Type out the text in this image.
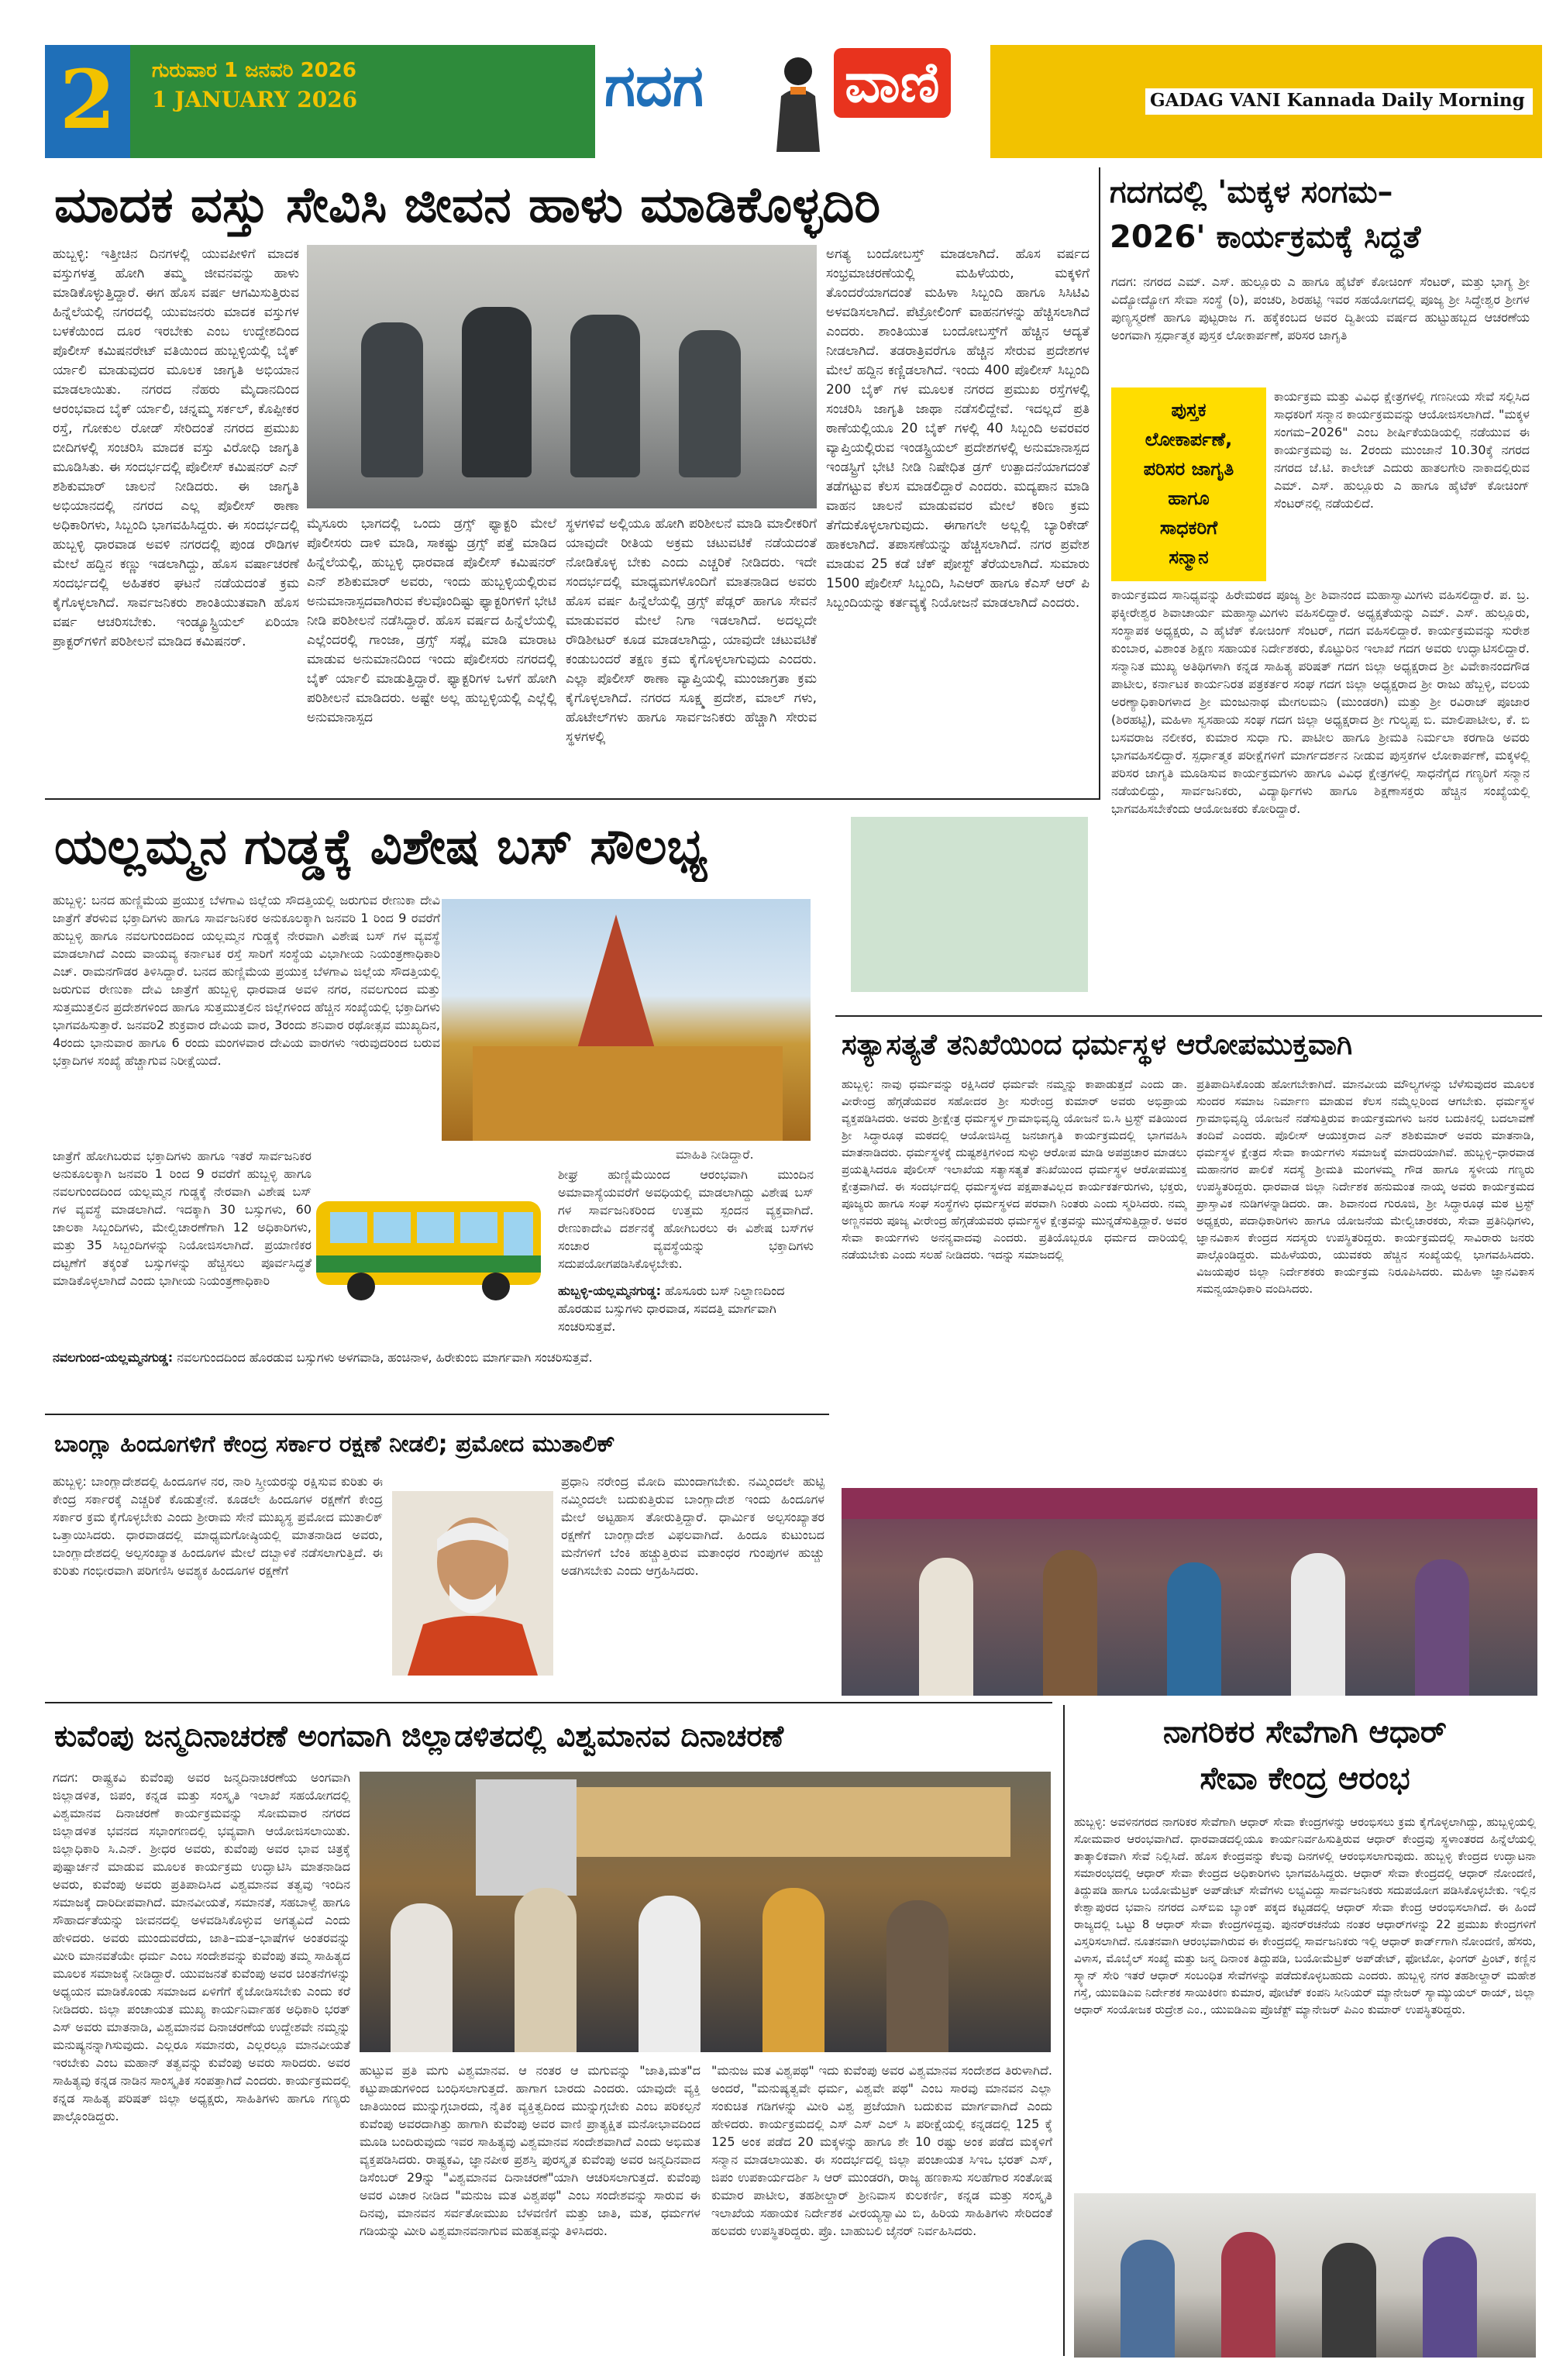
2	ಗುರುವಾರ 1 ಜನವರಿ 2026
1 JANUARY 2026	ಗದಗ	ವಾಣಿ	GADAG VANI Kannada Daily Morning
ಮಾದಕ ವಸ್ತು ಸೇವಿಸಿ ಜೀವನ ಹಾಳು ಮಾಡಿಕೊಳ್ಳದಿರಿ
ಹುಬ್ಬಳ್ಳಿ: ಇತ್ತೀಚಿನ ದಿನಗಳಲ್ಲಿ ಯುವಪೀಳಿಗೆ ಮಾದಕ ವಸ್ತುಗಳತ್ತ ಹೋಗಿ ತಮ್ಮ ಜೀವನವನ್ನು ಹಾಳು ಮಾಡಿಕೊಳ್ಳುತ್ತಿದ್ದಾರೆ. ಈಗ ಹೊಸ ವರ್ಷ ಆಗಮಿಸುತ್ತಿರುವ ಹಿನ್ನೆಲೆಯಲ್ಲಿ ನಗರದಲ್ಲಿ ಯುವಜನರು ಮಾದಕ ವಸ್ತುಗಳ ಬಳಕೆಯಿಂದ ದೂರ ಇರಬೇಕು ಎಂಬ ಉದ್ದೇಶದಿಂದ ಪೊಲೀಸ್ ಕಮಿಷನರೇಟ್ ವತಿಯಿಂದ ಹುಬ್ಬಳ್ಳಿಯಲ್ಲಿ ಬೈಕ್ ರ್ಯಾಲಿ ಮಾಡುವುದರ ಮೂಲಕ ಜಾಗೃತಿ ಅಭಿಯಾನ ಮಾಡಲಾಯಿತು. ನಗರದ ನೆಹರು ಮೈದಾನದಿಂದ ಆರಂಭವಾದ ಬೈಕ್ ರ್ಯಾಲಿ, ಚನ್ನಮ್ಮ ಸರ್ಕಲ್, ಕೊಪ್ಪೀಕರ ರಸ್ತೆ, ಗೋಕುಲ ರೋಡ್ ಸೇರಿದಂತೆ ನಗರದ ಪ್ರಮುಖ ಬೀದಿಗಳಲ್ಲಿ ಸಂಚರಿಸಿ ಮಾದಕ ವಸ್ತು ವಿರೋಧಿ ಜಾಗೃತಿ ಮೂಡಿಸಿತು. ಈ ಸಂದರ್ಭದಲ್ಲಿ ಪೊಲೀಸ್ ಕಮಿಷನರ್ ಎನ್ ಶಶಿಕುಮಾರ್ ಚಾಲನೆ ನೀಡಿದರು. ಈ ಜಾಗೃತಿ ಅಭಿಯಾನದಲ್ಲಿ ನಗರದ ಎಲ್ಲ ಪೊಲೀಸ್ ಠಾಣಾ ಅಧಿಕಾರಿಗಳು, ಸಿಬ್ಬಂದಿ ಭಾಗವಹಿಸಿದ್ದರು. ಈ ಸಂದರ್ಭದಲ್ಲಿ ಹುಬ್ಬಳ್ಳಿ ಧಾರವಾಡ ಅವಳಿ ನಗರದಲ್ಲಿ ಪುಂಡ ರೌಡಿಗಳ ಮೇಲೆ ಹದ್ದಿನ ಕಣ್ಣು ಇಡಲಾಗಿದ್ದು, ಹೊಸ ವರ್ಷಾಚರಣೆ ಸಂದರ್ಭದಲ್ಲಿ ಅಹಿತಕರ ಘಟನೆ ನಡೆಯದಂತೆ ಕ್ರಮ ಕೈಗೊಳ್ಳಲಾಗಿದೆ. ಸಾರ್ವಜನಿಕರು ಶಾಂತಿಯುತವಾಗಿ ಹೊಸ ವರ್ಷ ಆಚರಿಸಬೇಕು. ಇಂಡ್ಯೂಸ್ಟ್ರಿಯಲ್ ಏರಿಯಾ ಪ್ರಾಕ್ಟರ್‌ಗಳಿಗೆ ಪರಿಶೀಲನೆ ಮಾಡಿದ ಕಮಿಷನರ್.
ಮೈಸೂರು ಭಾಗದಲ್ಲಿ ಒಂದು ಡ್ರಗ್ಸ್ ಫ್ಯಾಕ್ಟರಿ ಮೇಲೆ ಪೊಲೀಸರು ದಾಳಿ ಮಾಡಿ, ಸಾಕಷ್ಟು ಡ್ರಗ್ಸ್ ಪತ್ತೆ ಮಾಡಿದ ಹಿನ್ನೆಲೆಯಲ್ಲಿ, ಹುಬ್ಬಳ್ಳಿ ಧಾರವಾಡ ಪೊಲೀಸ್ ಕಮಿಷನರ್ ಎನ್ ಶಶಿಕುಮಾರ್ ಅವರು, ಇಂದು ಹುಬ್ಬಳ್ಳಿಯಲ್ಲಿರುವ ಅನುಮಾನಾಸ್ಪದವಾಗಿರುವ ಕೆಲವೊಂದಿಷ್ಟು ಫ್ಯಾಕ್ಟರಿಗಳಿಗೆ ಭೇಟಿ ನೀಡಿ ಪರಿಶೀಲನೆ ನಡೆಸಿದ್ದಾರೆ. ಹೊಸ ವರ್ಷದ ಹಿನ್ನೆಲೆಯಲ್ಲಿ ಎಲ್ಲೆಂದರಲ್ಲಿ ಗಾಂಜಾ, ಡ್ರಗ್ಸ್ ಸಪ್ಲೈ ಮಾಡಿ ಮಾರಾಟ ಮಾಡುವ ಅನುಮಾನದಿಂದ ಇಂದು ಪೊಲೀಸರು ನಗರದಲ್ಲಿ ಬೈಕ್ ರ್ಯಾಲಿ ಮಾಡುತ್ತಿದ್ದಾರೆ. ಫ್ಯಾಕ್ಟರಿಗಳ ಒಳಗೆ ಹೋಗಿ ಪರಿಶೀಲನೆ ಮಾಡಿದರು. ಅಷ್ಟೇ ಅಲ್ಲ ಹುಬ್ಬಳ್ಳಿಯಲ್ಲಿ ಎಲ್ಲೆಲ್ಲಿ ಅನುಮಾನಾಸ್ಪದ
ಸ್ಥಳಗಳಿವೆ ಅಲ್ಲಿಯೂ ಹೋಗಿ ಪರಿಶೀಲನೆ ಮಾಡಿ ಮಾಲೀಕರಿಗೆ ಯಾವುದೇ ರೀತಿಯ ಅಕ್ರಮ ಚಟುವಟಿಕೆ ನಡೆಯದಂತೆ ನೋಡಿಕೊಳ್ಳ ಬೇಕು ಎಂದು ಎಚ್ಚರಿಕೆ ನೀಡಿದರು. ಇದೇ ಸಂದರ್ಭದಲ್ಲಿ ಮಾಧ್ಯಮಗಳೊಂದಿಗೆ ಮಾತನಾಡಿದ ಅವರು ಹೊಸ ವರ್ಷ ಹಿನ್ನೆಲೆಯಲ್ಲಿ ಡ್ರಗ್ಸ್ ಪೆಡ್ಲರ್ ಹಾಗೂ ಸೇವನೆ ಮಾಡುವವರ ಮೇಲೆ ನಿಗಾ ಇಡಲಾಗಿದೆ. ಅದಲ್ಲದೇ ರೌಡಿಶೀಟರ್ ಕೂಡ ಮಾಡಲಾಗಿದ್ದು, ಯಾವುದೇ ಚಟುವಟಿಕೆ ಕಂಡುಬಂದರೆ ತಕ್ಷಣ ಕ್ರಮ ಕೈಗೊಳ್ಳಲಾಗುವುದು ಎಂದರು. ಎಲ್ಲಾ ಪೊಲೀಸ್ ಠಾಣಾ ವ್ಯಾಪ್ತಿಯಲ್ಲಿ ಮುಂಜಾಗ್ರತಾ ಕ್ರಮ ಕೈಗೊಳ್ಳಲಾಗಿದೆ. ನಗರದ ಸೂಕ್ಷ್ಮ ಪ್ರದೇಶ, ಮಾಲ್ ಗಳು, ಹೊಟೇಲ್‌ಗಳು ಹಾಗೂ ಸಾರ್ವಜನಿಕರು ಹೆಚ್ಚಾಗಿ ಸೇರುವ ಸ್ಥಳಗಳಲ್ಲಿ
ಅಗತ್ಯ ಬಂದೋಬಸ್ತ್ ಮಾಡಲಾಗಿದೆ. ಹೊಸ ವರ್ಷದ ಸಂಭ್ರಮಾಚರಣೆಯಲ್ಲಿ ಮಹಿಳೆಯರು, ಮಕ್ಕಳಿಗೆ ತೊಂದರೆಯಾಗದಂತೆ ಮಹಿಳಾ ಸಿಬ್ಬಂದಿ ಹಾಗೂ ಸಿಸಿಟಿವಿ ಅಳವಡಿಸಲಾಗಿದೆ. ಪೆಟ್ರೋಲಿಂಗ್ ವಾಹನಗಳನ್ನು ಹೆಚ್ಚಿಸಲಾಗಿದೆ ಎಂದರು. ಶಾಂತಿಯುತ ಬಂದೋಬಸ್ತ್‌ಗೆ ಹೆಚ್ಚಿನ ಆದ್ಯತೆ ನೀಡಲಾಗಿದೆ. ತಡರಾತ್ರಿವರೆಗೂ ಹೆಚ್ಚಿನ ಸೇರುವ ಪ್ರದೇಶಗಳ ಮೇಲೆ ಹದ್ದಿನ ಕಣ್ಣಿಡಲಾಗಿದೆ. ಇಂದು 400 ಪೊಲೀಸ್ ಸಿಬ್ಬಂದಿ 200 ಬೈಕ್ ಗಳ ಮೂಲಕ ನಗರದ ಪ್ರಮುಖ ರಸ್ತೆಗಳಲ್ಲಿ ಸಂಚರಿಸಿ ಜಾಗೃತಿ ಜಾಥಾ ನಡೆಸಲಿದ್ದೇವೆ. ಇದಲ್ಲದೆ ಪ್ರತಿ ಠಾಣೆಯಲ್ಲಿಯೂ 20 ಬೈಕ್ ಗಳಲ್ಲಿ 40 ಸಿಬ್ಬಂದಿ ಅವರವರ ವ್ಯಾಪ್ತಿಯಲ್ಲಿರುವ ಇಂಡಸ್ಟ್ರಿಯಲ್ ಪ್ರದೇಶಗಳಲ್ಲಿ ಅನುಮಾನಾಸ್ಪದ ಇಂಡಸ್ಟ್ರಿಗೆ ಭೇಟಿ ನೀಡಿ ನಿಷೇಧಿತ ಡ್ರಗ್ ಉತ್ಪಾದನೆಯಾಗದಂತೆ ತಡೆಗಟ್ಟುವ ಕೆಲಸ ಮಾಡಲಿದ್ದಾರೆ ಎಂದರು. ಮದ್ಯಪಾನ ಮಾಡಿ ವಾಹನ ಚಾಲನೆ ಮಾಡುವವರ ಮೇಲೆ ಕಠಿಣ ಕ್ರಮ ತೆಗೆದುಕೊಳ್ಳಲಾಗುವುದು. ಈಗಾಗಲೇ ಅಲ್ಲಲ್ಲಿ ಬ್ಯಾರಿಕೇಡ್ ಹಾಕಲಾಗಿದೆ. ತಪಾಸಣೆಯನ್ನು ಹೆಚ್ಚಿಸಲಾಗಿದೆ. ನಗರ ಪ್ರವೇಶ ಮಾಡುವ 25 ಕಡೆ ಚೆಕ್ ಪೋಸ್ಟ್ ತೆರೆಯಲಾಗಿದೆ. ಸುಮಾರು 1500 ಪೊಲೀಸ್ ಸಿಬ್ಬಂದಿ, ಸಿಎಆರ್ ಹಾಗೂ ಕೆಎಸ್ ಆರ್ ಪಿ ಸಿಬ್ಬಂದಿಯನ್ನು ಕರ್ತವ್ಯಕ್ಕೆ ನಿಯೋಜನೆ ಮಾಡಲಾಗಿದೆ ಎಂದರು.
ಗದಗದಲ್ಲಿ 'ಮಕ್ಕಳ ಸಂಗಮ–
2026' ಕಾರ್ಯಕ್ರಮಕ್ಕೆ ಸಿದ್ಧತೆ
ಗದಗ: ನಗರದ ಎಮ್. ಎಸ್. ಹುಲ್ಲೂರು ಎ ಹಾಗೂ ಹೈಟೆಕ್ ಕೋಚಿಂಗ್ ಸೆಂಟರ್, ಮತ್ತು ಭಾಗ್ಯ ಶ್ರೀ ವಿದ್ಯೋದ್ಯೋಗ ಸೇವಾ ಸಂಸ್ಥೆ (ರಿ), ಪಂಚರಿ, ಶಿರಹಟ್ಟಿ ಇವರ ಸಹಯೋಗದಲ್ಲಿ ಪೂಜ್ಯ ಶ್ರೀ ಸಿದ್ಧೇಶ್ವರ ಶ್ರೀಗಳ ಪುಣ್ಯಸ್ಮರಣೆ ಹಾಗೂ ಪುಟ್ಟರಾಜ ಗ. ಹಕ್ಕೆಕಂಬದ ಅವರ ದ್ವಿತೀಯ ವರ್ಷದ ಹುಟ್ಟುಹಬ್ಬದ ಆಚರಣೆಯ ಅಂಗವಾಗಿ ಸ್ಪರ್ಧಾತ್ಮಕ ಪುಸ್ತಕ ಲೋಕಾರ್ಪಣೆ, ಪರಿಸರ ಜಾಗೃತಿ
ಪುಸ್ತಕ
ಲೋಕಾರ್ಪಣೆ,
ಪರಿಸರ ಜಾಗೃತಿ
ಹಾಗೂ
ಸಾಧಕರಿಗೆ
ಸನ್ಮಾನ
ಕಾರ್ಯಕ್ರಮ ಮತ್ತು ವಿವಿಧ ಕ್ಷೇತ್ರಗಳಲ್ಲಿ ಗಣನೀಯ ಸೇವೆ ಸಲ್ಲಿಸಿದ ಸಾಧಕರಿಗೆ ಸನ್ಮಾನ ಕಾರ್ಯಕ್ರಮವನ್ನು ಆಯೋಜಿಸಲಾಗಿದೆ. "ಮಕ್ಕಳ ಸಂಗಮ–2026" ಎಂಬ ಶೀರ್ಷಿಕೆಯಡಿಯಲ್ಲಿ ನಡೆಯುವ ಈ ಕಾರ್ಯಕ್ರಮವು ಜ. 2ರಂದು ಮುಂಜಾನೆ 10.30ಕ್ಕೆ ನಗರದ ನಗರದ ಜೆ.ಟಿ. ಕಾಲೇಜ್ ಎದುರು ಹಾತಲಗೇರಿ ನಾಕಾದಲ್ಲಿರುವ ಎಮ್. ಎಸ್. ಹುಲ್ಲೂರು ಎ ಹಾಗೂ ಹೈಟೆಕ್ ಕೋಚಿಂಗ್ ಸೆಂಟರ್‌ನಲ್ಲಿ ನಡೆಯಲಿದೆ.
ಕಾರ್ಯಕ್ರಮದ ಸಾನಿಧ್ಯವನ್ನು ಹಿರೇಮಠದ ಪೂಜ್ಯ ಶ್ರೀ ಶಿವಾನಂದ ಮಹಾಸ್ವಾಮಿಗಳು ವಹಿಸಲಿದ್ದಾರೆ. ಪ. ಬ್ರ. ಫಕ್ಕೀರೇಶ್ವರ ಶಿವಾಚಾರ್ಯ ಮಹಾಸ್ವಾಮಿಗಳು ವಹಿಸಲಿದ್ದಾರೆ. ಅಧ್ಯಕ್ಷತೆಯನ್ನು ಎಮ್. ಎಸ್. ಹುಲ್ಲೂರು, ಸಂಸ್ಥಾಪಕ ಅಧ್ಯಕ್ಷರು, ಎ ಹೈಟೆಕ್ ಕೋಚಿಂಗ್ ಸೆಂಟರ್, ಗದಗ ವಹಿಸಲಿದ್ದಾರೆ. ಕಾರ್ಯಕ್ರಮವನ್ನು ಸುರೇಶ ಕುಂಬಾರ, ವಿಶಾಂತ ಶಿಕ್ಷಣ ಸಹಾಯಕ ನಿರ್ದೇಶಕರು, ಕೊಟ್ಟುರಿನ ಇಲಾಖೆ ಗದಗ ಅವರು ಉದ್ಘಾಟಿಸಲಿದ್ದಾರೆ. ಸನ್ಮಾನಿತ ಮುಖ್ಯ ಅತಿಥಿಗಳಾಗಿ ಕನ್ನಡ ಸಾಹಿತ್ಯ ಪರಿಷತ್ ಗದಗ ಜಿಲ್ಲಾ ಅಧ್ಯಕ್ಷರಾದ ಶ್ರೀ ವಿವೇಕಾನಂದಗೌಡ ಪಾಟೀಲ, ಕರ್ನಾಟಕ ಕಾರ್ಯನಿರತ ಪತ್ರಕರ್ತರ ಸಂಘ ಗದಗ ಜಿಲ್ಲಾ ಅಧ್ಯಕ್ಷರಾದ ಶ್ರೀ ರಾಜು ಹೆಬ್ಬಳ್ಳಿ, ವಲಯ ಅರಣ್ಯಾಧಿಕಾರಿಗಳಾದ ಶ್ರೀ ಮಂಜುನಾಥ ಮೇಗಲಮನಿ (ಮುಂಡರಗಿ) ಮತ್ತು ಶ್ರೀ ರವಿರಾಜ್ ಪೂಜಾರ (ಶಿರಹಟ್ಟಿ), ಮಹಿಳಾ ಸ್ವಸಹಾಯ ಸಂಘ ಗದಗ ಜಿಲ್ಲಾ ಅಧ್ಯಕ್ಷರಾದ ಶ್ರೀ ಗುಲ್ಯಪ್ಪ ಬಿ. ಮಾಲಿಪಾಟೀಲ, ಕೆ. ಬಿ ಬಸವರಾಜ ನಲೀಕರ, ಕುಮಾರ ಸುಧಾ ಗು. ಪಾಟೀಲ ಹಾಗೂ ಶ್ರೀಮತಿ ನಿರ್ಮಲಾ ಕರಗಾಡಿ ಅವರು ಭಾಗವಹಿಸಲಿದ್ದಾರೆ. ಸ್ಪರ್ಧಾತ್ಮಕ ಪರೀಕ್ಷೆಗಳಿಗೆ ಮಾರ್ಗದರ್ಶನ ನೀಡುವ ಪುಸ್ತಕಗಳ ಲೋಕಾರ್ಪಣೆ, ಮಕ್ಕಳಲ್ಲಿ ಪರಿಸರ ಜಾಗೃತಿ ಮೂಡಿಸುವ ಕಾರ್ಯಕ್ರಮಗಳು ಹಾಗೂ ವಿವಿಧ ಕ್ಷೇತ್ರಗಳಲ್ಲಿ ಸಾಧನೆಗೈದ ಗಣ್ಯರಿಗೆ ಸನ್ಮಾನ ನಡೆಯಲಿದ್ದು, ಸಾರ್ವಜನಿಕರು, ವಿದ್ಯಾರ್ಥಿಗಳು ಹಾಗೂ ಶಿಕ್ಷಣಾಸಕ್ತರು ಹೆಚ್ಚಿನ ಸಂಖ್ಯೆಯಲ್ಲಿ ಭಾಗವಹಿಸಬೇಕೆಂದು ಆಯೋಜಕರು ಕೋರಿದ್ದಾರೆ.
ಯಲ್ಲಮ್ಮನ ಗುಡ್ಡಕ್ಕೆ ವಿಶೇಷ ಬಸ್ ಸೌಲಭ್ಯ
ಹುಬ್ಬಳ್ಳಿ: ಬನದ ಹುಣ್ಣಿಮೆಯ ಪ್ರಯುಕ್ತ ಬೆಳಗಾವಿ ಜಿಲ್ಲೆಯ ಸೌದತ್ತಿಯಲ್ಲಿ ಜರುಗುವ ರೇಣುಕಾ ದೇವಿ ಜಾತ್ರೆಗೆ ತೆರಳುವ ಭಕ್ತಾದಿಗಳು ಹಾಗೂ ಸಾರ್ವಜನಿಕರ ಅನುಕೂಲಕ್ಕಾಗಿ ಜನವರಿ 1 ರಿಂದ 9 ರವರೆಗೆ ಹುಬ್ಬಳ್ಳಿ ಹಾಗೂ ನವಲಗುಂದದಿಂದ ಯಲ್ಲಮ್ಮನ ಗುಡ್ಡಕ್ಕೆ ನೇರವಾಗಿ ವಿಶೇಷ ಬಸ್ ಗಳ ವ್ಯವಸ್ಥೆ ಮಾಡಲಾಗಿದೆ ಎಂದು ವಾಯವ್ಯ ಕರ್ನಾಟಕ ರಸ್ತೆ ಸಾರಿಗೆ ಸಂಸ್ಥೆಯ ವಿಭಾಗೀಯ ನಿಯಂತ್ರಣಾಧಿಕಾರಿ ಎಚ್. ರಾಮನಗೌಡರ ತಿಳಿಸಿದ್ದಾರೆ. ಬನದ ಹುಣ್ಣಿಮೆಯ ಪ್ರಯುಕ್ತ ಬೆಳಗಾವಿ ಜಿಲ್ಲೆಯ ಸೌದತ್ತಿಯಲ್ಲಿ ಜರುಗುವ ರೇಣುಕಾ ದೇವಿ ಜಾತ್ರೆಗೆ ಹುಬ್ಬಳ್ಳಿ ಧಾರವಾಡ ಅವಳಿ ನಗರ, ನವಲಗುಂದ ಮತ್ತು ಸುತ್ತಮುತ್ತಲಿನ ಪ್ರದೇಶಗಳಿಂದ ಹಾಗೂ ಸುತ್ತಮುತ್ತಲಿನ ಜಿಲ್ಲೆಗಳಿಂದ ಹೆಚ್ಚಿನ ಸಂಖ್ಯೆಯಲ್ಲಿ ಭಕ್ತಾದಿಗಳು ಭಾಗವಹಿಸುತ್ತಾರೆ. ಜನವರಿ2 ಶುಕ್ರವಾರ ದೇವಿಯ ವಾರ, 3ರಂದು ಶನಿವಾರ ರಥೋತ್ಸವ ಮುಖ್ಯದಿನ, 4ರಂದು ಭಾನುವಾರ ಹಾಗೂ 6 ರಂದು ಮಂಗಳವಾರ ದೇವಿಯ ವಾರಗಳು ಇರುವುದರಿಂದ ಬರುವ ಭಕ್ತಾದಿಗಳ ಸಂಖ್ಯೆ ಹೆಚ್ಚಾಗುವ ನಿರೀಕ್ಷೆಯಿದೆ.
ಮಾಹಿತಿ ನೀಡಿದ್ದಾರೆ.
ಜಾತ್ರೆಗೆ ಹೋಗಿಬರುವ ಭಕ್ತಾದಿಗಳು ಹಾಗೂ ಇತರೆ ಸಾರ್ವಜನಿಕರ ಅನುಕೂಲಕ್ಕಾಗಿ ಜನವರಿ 1 ರಿಂದ 9 ರವರೆಗೆ ಹುಬ್ಬಳ್ಳಿ ಹಾಗೂ ನವಲಗುಂದದಿಂದ ಯಲ್ಲಮ್ಮನ ಗುಡ್ಡಕ್ಕೆ ನೇರವಾಗಿ ವಿಶೇಷ ಬಸ್ ಗಳ ವ್ಯವಸ್ಥೆ ಮಾಡಲಾಗಿದೆ. ಇದಕ್ಕಾಗಿ 30 ಬಸ್ಸುಗಳು, 60 ಚಾಲಕಾ ಸಿಬ್ಬಂದಿಗಳು, ಮೇಲ್ವಿಚಾರಣೆಗಾಗಿ 12 ಅಧಿಕಾರಿಗಳು, ಮತ್ತು 35 ಸಿಬ್ಬಂದಿಗಳನ್ನು ನಿಯೋಜಿಸಲಾಗಿದೆ. ಪ್ರಯಾಣಿಕರ ದಟ್ಟಣೆಗೆ ತಕ್ಕಂತೆ ಬಸ್ಸುಗಳನ್ನು ಹೆಚ್ಚಿಸಲು ಪೂರ್ವಸಿದ್ಧತೆ ಮಾಡಿಕೊಳ್ಳಲಾಗಿದೆ ಎಂದು ಭಾಗೀಯ ನಿಯಂತ್ರಣಾಧಿಕಾರಿ
ಶೀಘ್ರ ಹುಣ್ಣಿಮೆಯಿಂದ ಆರಂಭವಾಗಿ ಮುಂದಿನ ಅಮಾವಾಸ್ಯೆಯವರೆಗೆ ಅವಧಿಯಲ್ಲಿ ಮಾಡಲಾಗಿದ್ದು ವಿಶೇಷ ಬಸ್ ಗಳ ಸಾರ್ವಜನಿಕರಿಂದ ಉತ್ತಮ ಸ್ಪಂದನ ವ್ಯಕ್ತವಾಗಿದೆ. ರೇಣುಕಾದೇವಿ ದರ್ಶನಕ್ಕೆ ಹೋಗಿಬರಲು ಈ ವಿಶೇಷ ಬಸ್‌ಗಳ ಸಂಚಾರ ವ್ಯವಸ್ಥೆಯನ್ನು ಭಕ್ತಾದಿಗಳು ಸದುಪಯೋಗಪಡಿಸಿಕೊಳ್ಳಬೇಕು.
ಹುಬ್ಬಳ್ಳಿ-ಯಲ್ಲಮ್ಮನಗುಡ್ಡ: ಹೊಸೂರು ಬಸ್ ನಿಲ್ದಾಣದಿಂದ ಹೊರಡುವ ಬಸ್ಸುಗಳು ಧಾರವಾಡ, ಸವದತ್ತಿ ಮಾರ್ಗವಾಗಿ ಸಂಚರಿಸುತ್ತವೆ.
ನವಲಗುಂದ-ಯಲ್ಲಮ್ಮನಗುಡ್ಡ: ನವಲಗುಂದದಿಂದ ಹೊರಡುವ ಬಸ್ಸುಗಳು ಅಳಗವಾಡಿ, ಹಂಚಿನಾಳ, ಹಿರೇಕುಂಬಿ ಮಾರ್ಗವಾಗಿ ಸಂಚರಿಸುತ್ತವೆ.
ಸತ್ಯಾಸತ್ಯತೆ ತನಿಖೆಯಿಂದ ಧರ್ಮಸ್ಥಳ ಆರೋಪಮುಕ್ತವಾಗಿ
ಹುಬ್ಬಳ್ಳಿ: ನಾವು ಧರ್ಮವನ್ನು ರಕ್ಷಿಸಿದರೆ ಧರ್ಮವೇ ನಮ್ಮನ್ನು ಕಾಪಾಡುತ್ತದೆ ಎಂದು ಡಾ. ವೀರೇಂದ್ರ ಹೆಗ್ಗಡೆಯವರ ಸಹೋದರ ಶ್ರೀ ಸುರೇಂದ್ರ ಕುಮಾರ್ ಅವರು ಅಭಿಪ್ರಾಯ ವ್ಯಕ್ತಪಡಿಸಿದರು. ಅವರು ಶ್ರೀಕ್ಷೇತ್ರ ಧರ್ಮಸ್ಥಳ ಗ್ರಾಮಾಭಿವೃದ್ಧಿ ಯೋಜನೆ ಬಿ.ಸಿ ಟ್ರಸ್ಟ್ ವತಿಯಿಂದ ಶ್ರೀ ಸಿದ್ಧಾರೂಢ ಮಠದಲ್ಲಿ ಆಯೋಜಿಸಿದ್ದ ಜನಜಾಗೃತಿ ಕಾರ್ಯಕ್ರಮದಲ್ಲಿ ಭಾಗವಹಿಸಿ ಮಾತನಾಡಿದರು. ಧರ್ಮಸ್ಥಳಕ್ಕೆ ದುಷ್ಟಶಕ್ತಿಗಳಿಂದ ಸುಳ್ಳು ಆರೋಪ ಮಾಡಿ ಅಪಪ್ರಚಾರ ಮಾಡಲು ಪ್ರಯತ್ನಿಸಿದರೂ ಪೊಲೀಸ್ ಇಲಾಖೆಯ ಸತ್ಯಾಸತ್ಯತೆ ತನಿಖೆಯಿಂದ ಧರ್ಮಸ್ಥಳ ಆರೋಪಮುಕ್ತ ಕ್ಷೇತ್ರವಾಗಿದೆ. ಈ ಸಂದರ್ಭದಲ್ಲಿ ಧರ್ಮಸ್ಥಳದ ಪಕ್ಷಪಾತವಿಲ್ಲದ ಕಾರ್ಯಕರ್ತರುಗಳು, ಭಕ್ತರು, ಪೂಜ್ಯರು ಹಾಗೂ ಸಂಘ ಸಂಸ್ಥೆಗಳು ಧರ್ಮಸ್ಥಳದ ಪರವಾಗಿ ನಿಂತರು ಎಂದು ಸ್ಮರಿಸಿದರು. ನಮ್ಮ ಅಣ್ಣನವರು ಪೂಜ್ಯ ವೀರೇಂದ್ರ ಹೆಗ್ಗಡೆಯವರು ಧರ್ಮಸ್ಥಳ ಕ್ಷೇತ್ರವನ್ನು ಮುನ್ನಡೆಸುತ್ತಿದ್ದಾರೆ. ಅವರ ಸೇವಾ ಕಾರ್ಯಗಳು ಅನನ್ಯವಾದವು ಎಂದರು. ಪ್ರತಿಯೊಬ್ಬರೂ ಧರ್ಮದ ದಾರಿಯಲ್ಲಿ ನಡೆಯಬೇಕು ಎಂದು ಸಲಹೆ ನೀಡಿದರು. ಇದನ್ನು ಸಮಾಜದಲ್ಲಿ
ಪ್ರತಿಪಾದಿಸಿಕೊಂಡು ಹೋಗಬೇಕಾಗಿದೆ. ಮಾನವೀಯ ಮೌಲ್ಯಗಳನ್ನು ಬೆಳೆಸುವುದರ ಮೂಲಕ ಸುಂದರ ಸಮಾಜ ನಿರ್ಮಾಣ ಮಾಡುವ ಕೆಲಸ ನಮ್ಮೆಲ್ಲರಿಂದ ಆಗಬೇಕು. ಧರ್ಮಸ್ಥಳ ಗ್ರಾಮಾಭಿವೃದ್ಧಿ ಯೋಜನೆ ನಡೆಸುತ್ತಿರುವ ಕಾರ್ಯಕ್ರಮಗಳು ಜನರ ಬದುಕಿನಲ್ಲಿ ಬದಲಾವಣೆ ತಂದಿವೆ ಎಂದರು. ಪೊಲೀಸ್ ಆಯುಕ್ತರಾದ ಎನ್ ಶಶಿಕುಮಾರ್ ಅವರು ಮಾತನಾಡಿ, ಧರ್ಮಸ್ಥಳ ಕ್ಷೇತ್ರದ ಸೇವಾ ಕಾರ್ಯಗಳು ಸಮಾಜಕ್ಕೆ ಮಾದರಿಯಾಗಿವೆ. ಹುಬ್ಬಳ್ಳಿ–ಧಾರವಾಡ ಮಹಾನಗರ ಪಾಲಿಕೆ ಸದಸ್ಯೆ ಶ್ರೀಮತಿ ಮಂಗಳಮ್ಮ ಗೌಡ ಹಾಗೂ ಸ್ಥಳೀಯ ಗಣ್ಯರು ಉಪಸ್ಥಿತರಿದ್ದರು. ಧಾರವಾಡ ಜಿಲ್ಲಾ ನಿರ್ದೇಶಕ ಹನುಮಂತ ನಾಯ್ಕ ಅವರು ಕಾರ್ಯಕ್ರಮದ ಪ್ರಾಸ್ತಾವಿಕ ನುಡಿಗಳನ್ನಾಡಿದರು. ಡಾ. ಶಿವಾನಂದ ಗುರೂಜಿ, ಶ್ರೀ ಸಿದ್ಧಾರೂಢ ಮಠ ಟ್ರಸ್ಟ್ ಅಧ್ಯಕ್ಷರು, ಪದಾಧಿಕಾರಿಗಳು ಹಾಗೂ ಯೋಜನೆಯ ಮೇಲ್ವಿಚಾರಕರು, ಸೇವಾ ಪ್ರತಿನಿಧಿಗಳು, ಜ್ಞಾನವಿಕಾಸ ಕೇಂದ್ರದ ಸದಸ್ಯರು ಉಪಸ್ಥಿತರಿದ್ದರು. ಕಾರ್ಯಕ್ರಮದಲ್ಲಿ ಸಾವಿರಾರು ಜನರು ಪಾಲ್ಗೊಂಡಿದ್ದರು. ಮಹಿಳೆಯರು, ಯುವಕರು ಹೆಚ್ಚಿನ ಸಂಖ್ಯೆಯಲ್ಲಿ ಭಾಗವಹಿಸಿದರು. ವಿಜಯಪುರ ಜಿಲ್ಲಾ ನಿರ್ದೇಶಕರು ಕಾರ್ಯಕ್ರಮ ನಿರೂಪಿಸಿದರು. ಮಹಿಳಾ ಜ್ಞಾನವಿಕಾಸ ಸಮನ್ವಯಾಧಿಕಾರಿ ವಂದಿಸಿದರು.
ಬಾಂಗ್ಲಾ ಹಿಂದೂಗಳಿಗೆ ಕೇಂದ್ರ ಸರ್ಕಾರ ರಕ್ಷಣೆ ನೀಡಲಿ; ಪ್ರಮೋದ ಮುತಾಲಿಕ್
ಹುಬ್ಬಳ್ಳಿ: ಬಾಂಗ್ಲಾದೇಶದಲ್ಲಿ ಹಿಂದೂಗಳ ನರ, ನಾರಿ ಸ್ತ್ರೀಯರನ್ನು ರಕ್ಷಿಸುವ ಕುರಿತು ಈ ಕೇಂದ್ರ ಸರ್ಕಾರಕ್ಕೆ ಎಚ್ಚರಿಕೆ ಕೊಡುತ್ತೇನೆ. ಕೂಡಲೇ ಹಿಂದೂಗಳ ರಕ್ಷಣೆಗೆ ಕೇಂದ್ರ ಸರ್ಕಾರ ಕ್ರಮ ಕೈಗೊಳ್ಳಬೇಕು ಎಂದು ಶ್ರೀರಾಮ ಸೇನೆ ಮುಖ್ಯಸ್ಥ ಪ್ರಮೋದ ಮುತಾಲಿಕ್ ಒತ್ತಾಯಿಸಿದರು. ಧಾರವಾಡದಲ್ಲಿ ಮಾಧ್ಯಮಗೋಷ್ಠಿಯಲ್ಲಿ ಮಾತನಾಡಿದ ಅವರು, ಬಾಂಗ್ಲಾದೇಶದಲ್ಲಿ ಅಲ್ಪಸಂಖ್ಯಾತ ಹಿಂದೂಗಳ ಮೇಲೆ ದಬ್ಬಾಳಿಕೆ ನಡೆಸಲಾಗುತ್ತಿದೆ. ಈ ಕುರಿತು ಗಂಭೀರವಾಗಿ ಪರಿಗಣಿಸಿ ಅವಶ್ಯಕ ಹಿಂದೂಗಳ ರಕ್ಷಣೆಗೆ
ಪ್ರಧಾನಿ ನರೇಂದ್ರ ಮೋದಿ ಮುಂದಾಗಬೇಕು. ನಮ್ಮಿಂದಲೇ ಹುಟ್ಟಿ ನಮ್ಮಿಂದಲೇ ಬದುಕುತ್ತಿರುವ ಬಾಂಗ್ಲಾದೇಶ ಇಂದು ಹಿಂದೂಗಳ ಮೇಲೆ ಅಟ್ಟಹಾಸ ತೋರುತ್ತಿದ್ದಾರೆ. ಧಾರ್ಮಿಕ ಅಲ್ಪಸಂಖ್ಯಾತರ ರಕ್ಷಣೆಗೆ ಬಾಂಗ್ಲಾದೇಶ ವಿಫಲವಾಗಿದೆ. ಹಿಂದೂ ಕುಟುಂಬದ ಮನೆಗಳಿಗೆ ಬೆಂಕಿ ಹಚ್ಚುತ್ತಿರುವ ಮತಾಂಧರ ಗುಂಪುಗಳ ಹುಚ್ಚು ಅಡಗಿಸಬೇಕು ಎಂದು ಆಗ್ರಹಿಸಿದರು.
ಕುವೆಂಪು ಜನ್ಮದಿನಾಚರಣೆ ಅಂಗವಾಗಿ ಜಿಲ್ಲಾಡಳಿತದಲ್ಲಿ ವಿಶ್ವಮಾನವ ದಿನಾಚರಣೆ
ಗದಗ: ರಾಷ್ಟ್ರಕವಿ ಕುವೆಂಪು ಅವರ ಜನ್ಮದಿನಾಚರಣೆಯ ಅಂಗವಾಗಿ ಜಿಲ್ಲಾಡಳಿತ, ಜಿಪಂ, ಕನ್ನಡ ಮತ್ತು ಸಂಸ್ಕೃತಿ ಇಲಾಖೆ ಸಹಯೋಗದಲ್ಲಿ ವಿಶ್ವಮಾನವ ದಿನಾಚರಣೆ ಕಾರ್ಯಕ್ರಮವನ್ನು ಸೋಮವಾರ ನಗರದ ಜಿಲ್ಲಾಡಳಿತ ಭವನದ ಸಭಾಂಗಣದಲ್ಲಿ ಭವ್ಯವಾಗಿ ಆಯೋಜಿಸಲಾಯಿತು. ಜಿಲ್ಲಾಧಿಕಾರಿ ಸಿ.ಎನ್. ಶ್ರೀಧರ ಅವರು, ಕುವೆಂಪು ಅವರ ಭಾವ ಚಿತ್ರಕ್ಕೆ ಪುಷ್ಪಾರ್ಚನೆ ಮಾಡುವ ಮೂಲಕ ಕಾರ್ಯಕ್ರಮ ಉದ್ಘಾಟಿಸಿ ಮಾತನಾಡಿದ ಅವರು, ಕುವೆಂಪು ಅವರು ಪ್ರತಿಪಾದಿಸಿದ ವಿಶ್ವಮಾನವ ತತ್ವವು ಇಂದಿನ ಸಮಾಜಕ್ಕೆ ದಾರಿದೀಪವಾಗಿದೆ. ಮಾನವೀಯತೆ, ಸಮಾನತೆ, ಸಹಬಾಳ್ವೆ ಹಾಗೂ ಸೌಹಾರ್ದತೆಯನ್ನು ಜೀವನದಲ್ಲಿ ಅಳವಡಿಸಿಕೊಳ್ಳುವ ಅಗತ್ಯವಿದೆ ಎಂದು ಹೇಳಿದರು. ಅವರು ಮುಂದುವರೆದು, ಜಾತಿ–ಮತ–ಭಾಷೆಗಳ ಅಂತರವನ್ನು ಮೀರಿ ಮಾನವತೆಯೇ ಧರ್ಮ ಎಂಬ ಸಂದೇಶವನ್ನು ಕುವೆಂಪು ತಮ್ಮ ಸಾಹಿತ್ಯದ ಮೂಲಕ ಸಮಾಜಕ್ಕೆ ನೀಡಿದ್ದಾರೆ. ಯುವಜನತೆ ಕುವೆಂಪು ಅವರ ಚಿಂತನೆಗಳನ್ನು ಅಧ್ಯಯನ ಮಾಡಿಕೊಂಡು ಸಮಾಜದ ಏಳಿಗೆಗೆ ಕೈಜೋಡಿಸಬೇಕು ಎಂದು ಕರೆ ನೀಡಿದರು. ಜಿಲ್ಲಾ ಪಂಚಾಯತ ಮುಖ್ಯ ಕಾರ್ಯನಿರ್ವಾಹಕ ಅಧಿಕಾರಿ ಭರತ್ ಎಸ್ ಅವರು ಮಾತನಾಡಿ, ವಿಶ್ವಮಾನವ ದಿನಾಚರಣೆಯ ಉದ್ದೇಶವೇ ನಮ್ಮನ್ನು ಮನುಷ್ಯನನ್ನಾಗಿಸುವುದು. ಎಲ್ಲರೂ ಸಮಾನರು, ಎಲ್ಲರಲ್ಲೂ ಮಾನವೀಯತೆ ಇರಬೇಕು ಎಂಬ ಮಹಾನ್ ತತ್ವವನ್ನು ಕುವೆಂಪು ಅವರು ಸಾರಿದರು. ಅವರ ಸಾಹಿತ್ಯವು ಕನ್ನಡ ನಾಡಿನ ಸಾಂಸ್ಕೃತಿಕ ಸಂಪತ್ತಾಗಿದೆ ಎಂದರು. ಕಾರ್ಯಕ್ರಮದಲ್ಲಿ ಕನ್ನಡ ಸಾಹಿತ್ಯ ಪರಿಷತ್ ಜಿಲ್ಲಾ ಅಧ್ಯಕ್ಷರು, ಸಾಹಿತಿಗಳು ಹಾಗೂ ಗಣ್ಯರು ಪಾಲ್ಗೊಂಡಿದ್ದರು.
ಹುಟ್ಟುವ ಪ್ರತಿ ಮಗು ವಿಶ್ವಮಾನವ. ಆ ನಂತರ ಆ ಮಗುವನ್ನು "ಜಾತಿ,ಮತ"ದ ಕಟ್ಟುಪಾಡುಗಳಿಂದ ಬಂಧಿಸಲಾಗುತ್ತದೆ. ಹಾಗಾಗ ಬಾರದು ಎಂದರು. ಯಾವುದೇ ವ್ಯಕ್ತಿ ಜಾತಿಯಿಂದ ಮುನ್ನುಗ್ಗಬಾರದು, ನೈತಿಕ ವ್ಯಕ್ತಿತ್ವದಿಂದ ಮುನ್ನುಗ್ಗಬೇಕು ಎಂಬ ಪರಿಕಲ್ಪನೆ ಕುವೆಂಪು ಅವರದಾಗಿತ್ತು ಹಾಗಾಗಿ ಕುವೆಂಪು ಅವರ ವಾಣಿ ಪ್ರಾತ್ಯಕ್ಷಿತ ಮನೋಭಾವದಿಂದ ಮೂಡಿ ಬಂದಿರುವುದು ಇವರ ಸಾಹಿತ್ಯವು ವಿಶ್ವಮಾನವ ಸಂದೇಶವಾಗಿದೆ ಎಂದು ಅಭಿಮತ ವ್ಯಕ್ತಪಡಿಸಿದರು. ರಾಷ್ಟ್ರಕವಿ, ಜ್ಞಾನಪೀಠ ಪ್ರಶಸ್ತಿ ಪುರಸ್ಕೃತ ಕುವೆಂಪು ಅವರ ಜನ್ಮದಿನವಾದ ಡಿಸೆಂಬರ್ 29ನ್ನು "ವಿಶ್ವಮಾನವ ದಿನಾಚರಣೆ"ಯಾಗಿ ಆಚರಿಸಲಾಗುತ್ತದೆ. ಕುವೆಂಪು ಅವರ ವಿಚಾರ ನೀಡಿದ "ಮನುಜ ಮತ ವಿಶ್ವಪಥ" ಎಂಬ ಸಂದೇಶವನ್ನು ಸಾರುವ ಈ ದಿನವು, ಮಾನವನ ಸರ್ವತೋಮುಖ ಬೆಳವಣಿಗೆ ಮತ್ತು ಜಾತಿ, ಮತ, ಧರ್ಮಗಳ ಗಡಿಯನ್ನು ಮೀರಿ ವಿಶ್ವಮಾನವನಾಗುವ ಮಹತ್ವವನ್ನು ತಿಳಿಸಿದರು.
"ಮನುಜ ಮತ ವಿಶ್ವಪಥ" ಇದು ಕುವೆಂಪು ಅವರ ವಿಶ್ವಮಾನವ ಸಂದೇಶದ ತಿರುಳಾಗಿದೆ. ಅಂದರೆ, "ಮನುಷ್ಯತ್ವವೇ ಧರ್ಮ, ವಿಶ್ವವೇ ಪಥ" ಎಂಬ ಸಾರವು ಮಾನವನ ಎಲ್ಲಾ ಸಂಕುಚಿತ ಗಡಿಗಳನ್ನು ಮೀರಿ ವಿಶ್ವ ಪ್ರಜೆಯಾಗಿ ಬದುಕುವ ಮಾರ್ಗವಾಗಿದೆ ಎಂದು ಹೇಳಿದರು. ಕಾರ್ಯಕ್ರಮದಲ್ಲಿ ಎಸ್ ಎಸ್ ಎಲ್ ಸಿ ಪರೀಕ್ಷೆಯಲ್ಲಿ ಕನ್ನಡದಲ್ಲಿ 125 ಕ್ಕೆ 125 ಅಂಕ ಪಡೆದ 20 ಮಕ್ಕಳನ್ನು ಹಾಗೂ ಶೇ 10 ರಷ್ಟು ಅಂಕ ಪಡೆದ ಮಕ್ಕಳಿಗೆ ಸನ್ಮಾನ ಮಾಡಲಾಯಿತು. ಈ ಸಂದರ್ಭದಲ್ಲಿ ಜಿಲ್ಲಾ ಪಂಚಾಯತ ಸಿಇಒ ಭರತ್ ಎಸ್, ಜಿಪಂ ಉಪಕಾರ್ಯದರ್ಶಿ ಸಿ ಆರ್ ಮುಂಡರಗಿ, ರಾಜ್ಯ ಹಣಕಾಸು ಸಲಹೆಗಾರ ಸಂತೋಷ ಕುಮಾರ ಪಾಟೀಲ, ತಹಶೀಲ್ದಾರ್ ಶ್ರೀನಿವಾಸ ಕುಲಕರ್ಣಿ, ಕನ್ನಡ ಮತ್ತು ಸಂಸ್ಕೃತಿ ಇಲಾಖೆಯ ಸಹಾಯಕ ನಿರ್ದೇಶಕ ವೀರಯ್ಯಸ್ವಾಮಿ ಬಿ, ಹಿರಿಯ ಸಾಹಿತಿಗಳು ಸೇರಿದಂತೆ ಹಲವರು ಉಪಸ್ಥಿತರಿದ್ದರು. ಪ್ರೊ. ಬಾಹುಬಲಿ ಜೈನರ್ ನಿರ್ವಹಿಸಿದರು.
ನಾಗರಿಕರ ಸೇವೆಗಾಗಿ ಆಧಾರ್
ಸೇವಾ ಕೇಂದ್ರ ಆರಂಭ
ಹುಬ್ಬಳ್ಳಿ: ಅವಳಿನಗರದ ನಾಗರಿಕರ ಸೇವೆಗಾಗಿ ಆಧಾರ್ ಸೇವಾ ಕೇಂದ್ರಗಳನ್ನು ಆರಂಭಿಸಲು ಕ್ರಮ ಕೈಗೊಳ್ಳಲಾಗಿದ್ದು, ಹುಬ್ಬಳ್ಳಿಯಲ್ಲಿ ಸೋಮವಾರ ಆರಂಭವಾಗಿದೆ. ಧಾರವಾಡದಲ್ಲಿಯೂ ಕಾರ್ಯನಿರ್ವಹಿಸುತ್ತಿರುವ ಆಧಾರ್ ಕೇಂದ್ರವು ಸ್ಥಳಾಂತರದ ಹಿನ್ನೆಲೆಯಲ್ಲಿ ತಾತ್ಕಾಲಿಕವಾಗಿ ಸೇವೆ ನಿಲ್ಲಿಸಿದೆ. ಹೊಸ ಕೇಂದ್ರವನ್ನು ಕೆಲವು ದಿನಗಳಲ್ಲಿ ಆರಂಭಿಸಲಾಗುವುದು. ಹುಬ್ಬಳ್ಳಿ ಕೇಂದ್ರದ ಉದ್ಘಾಟನಾ ಸಮಾರಂಭದಲ್ಲಿ ಆಧಾರ್ ಸೇವಾ ಕೇಂದ್ರದ ಅಧಿಕಾರಿಗಳು ಭಾಗವಹಿಸಿದ್ದರು. ಆಧಾರ್ ಸೇವಾ ಕೇಂದ್ರದಲ್ಲಿ ಆಧಾರ್ ನೋಂದಣಿ, ತಿದ್ದುಪಡಿ ಹಾಗೂ ಬಯೋಮೆಟ್ರಿಕ್ ಅಪ್‌ಡೇಟ್ ಸೇವೆಗಳು ಲಭ್ಯವಿದ್ದು ಸಾರ್ವಜನಿಕರು ಸದುಪಯೋಗ ಪಡಿಸಿಕೊಳ್ಳಬೇಕು. ಇಲ್ಲಿನ ಕೇಶ್ವಾಪುರದ ಭವಾನಿ ನಗರದ ಎಸ್‌ಬಿಐ ಬ್ಯಾಂಕ್ ಪಕ್ಕದ ಕಟ್ಟಡದಲ್ಲಿ ಆಧಾರ್ ಸೇವಾ ಕೇಂದ್ರ ಆರಂಭಿಸಲಾಗಿದೆ. ಈ ಹಿಂದೆ ರಾಜ್ಯದಲ್ಲಿ ಒಟ್ಟು 8 ಆಧಾರ್ ಸೇವಾ ಕೇಂದ್ರಗಳಿದ್ದವು. ಪುನರ್‌ರಚನೆಯ ನಂತರ ಆಧಾರ್‌ಗಳನ್ನು 22 ಪ್ರಮುಖ ಕೇಂದ್ರಗಳಿಗೆ ವಿಸ್ತರಿಸಲಾಗಿದೆ. ನೂತನವಾಗಿ ಆರಂಭವಾಗಿರುವ ಈ ಕೇಂದ್ರದಲ್ಲಿ ಸಾರ್ವಜನಿಕರು ಇಲ್ಲಿ ಆಧಾರ್ ಕಾರ್ಡ್‌ಗಾಗಿ ನೋಂದಣಿ, ಹೆಸರು, ವಿಳಾಸ, ಮೊಬೈಲ್ ಸಂಖ್ಯೆ ಮತ್ತು ಜನ್ಮ ದಿನಾಂಕ ತಿದ್ದುಪಡಿ, ಬಯೋಮೆಟ್ರಿಕ್ ಅಪ್‌ಡೇಟ್, ಫೋಟೋ, ಫಿಂಗರ್ ಪ್ರಿಂಟ್, ಕಣ್ಣಿನ ಸ್ಕ್ಯಾನ್ ಸೇರಿ ಇತರೆ ಆಧಾರ್ ಸಂಬಂಧಿತ ಸೇವೆಗಳನ್ನು ಪಡೆದುಕೊಳ್ಳಬಹುದು ಎಂದರು. ಹುಬ್ಬಳ್ಳಿ ನಗರ ತಹಶೀಲ್ದಾರ್ ಮಹೇಶ ಗಸ್ತೆ, ಯುಐಡಿಎಐ ನಿರ್ದೇಶಕ ಸಾಯಿಕಿರಣ ಕುಮಾರ, ಪೋಟೆಕ್ ಕಂಪನಿ ಸೀನಿಯರ್ ಮ್ಯಾನೇಜರ್ ಸ್ಯಾಮ್ಯುಯಲ್ ರಾಯ್, ಜಿಲ್ಲಾ ಆಧಾರ್ ಸಂಯೋಜಕ ರುದ್ರೇಶ ಎಂ., ಯುಐಡಿಎಐ ಪ್ರೊಜೆಕ್ಟ್ ಮ್ಯಾನೇಜರ್ ಪಿಎಂ ಕುಮಾರ್ ಉಪಸ್ಥಿತರಿದ್ದರು.
